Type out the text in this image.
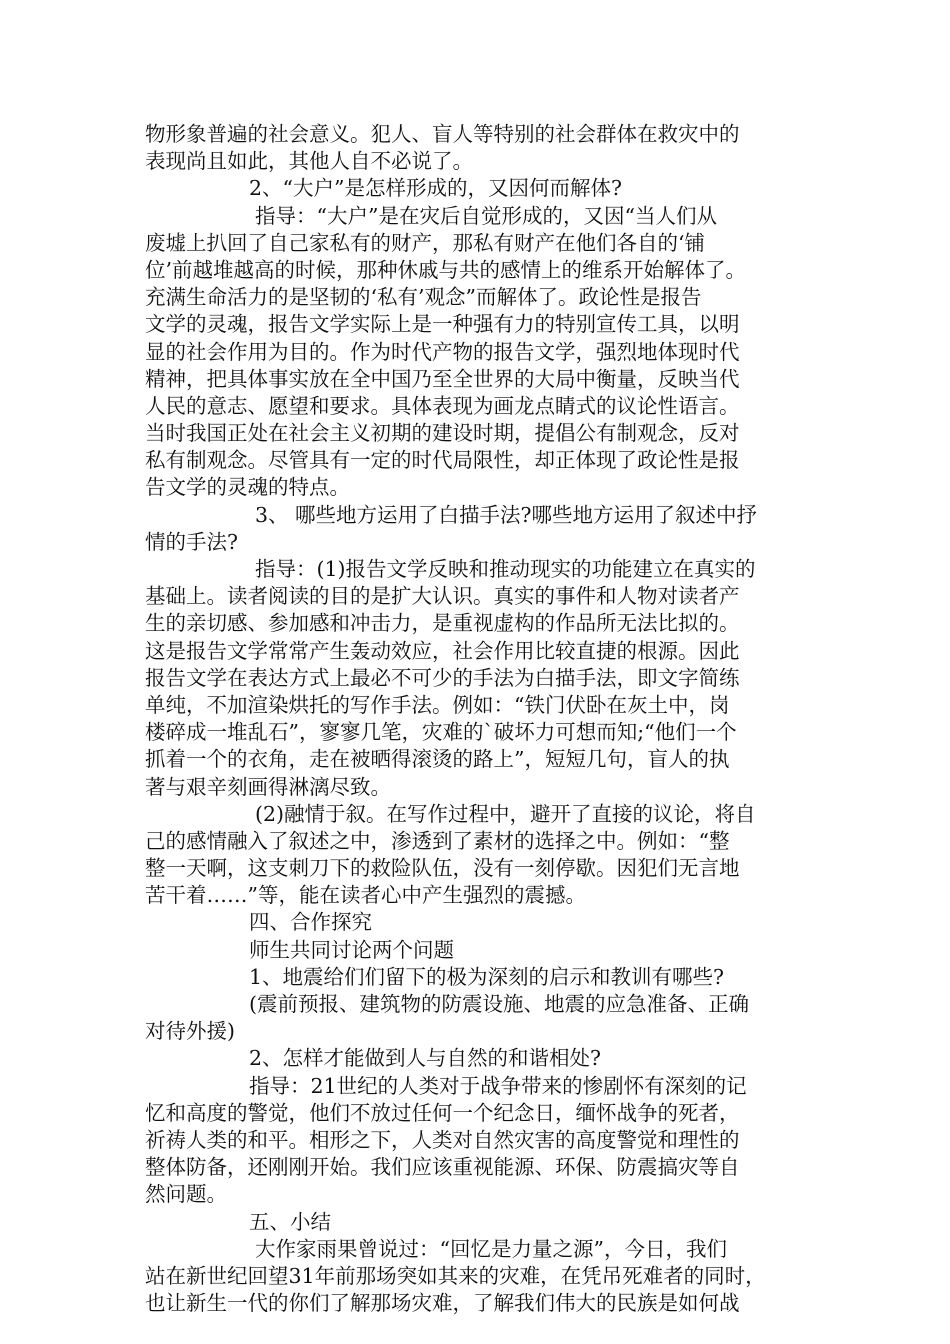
物形象普遍的社会意义。犯人、盲人等特别的社会群体在救灾中的
表现尚且如此，其他人自不必说了。
2、“大户”是怎样形成的，又因何而解体?
指导：“大户”是在灾后自觉形成的，又因“当人们从
废墟上扒回了自己家私有的财产，那私有财产在他们各自的‘铺
位’前越堆越高的时候，那种休戚与共的感情上的维系开始解体了。
充满生命活力的是坚韧的‘私有’观念”而解体了。政论性是报告
文学的灵魂，报告文学实际上是一种强有力的特别宣传工具，以明
显的社会作用为目的。作为时代产物的报告文学，强烈地体现时代
精神，把具体事实放在全中国乃至全世界的大局中衡量，反映当代
人民的意志、愿望和要求。具体表现为画龙点睛式的议论性语言。
当时我国正处在社会主义初期的建设时期，提倡公有制观念，反对
私有制观念。尽管具有一定的时代局限性，却正体现了政论性是报
告文学的灵魂的特点。
3、 哪些地方运用了白描手法?哪些地方运用了叙述中抒
情的手法?
指导：(1)报告文学反映和推动现实的功能建立在真实的
基础上。读者阅读的目的是扩大认识。真实的事件和人物对读者产
生的亲切感、参加感和冲击力，是重视虚构的作品所无法比拟的。
这是报告文学常常产生轰动效应，社会作用比较直捷的根源。因此
报告文学在表达方式上最必不可少的手法为白描手法，即文字简练
单纯，不加渲染烘托的写作手法。例如：“铁门伏卧在灰土中，岗
楼碎成一堆乱石”，寥寥几笔，灾难的`破坏力可想而知;“他们一个
抓着一个的衣角，走在被晒得滚烫的路上”，短短几句，盲人的执
著与艰辛刻画得淋漓尽致。
(2)融情于叙。在写作过程中，避开了直接的议论，将自
己的感情融入了叙述之中，渗透到了素材的选择之中。例如：“整
整一天啊，这支刺刀下的救险队伍，没有一刻停歇。因犯们无言地
苦干着……”等，能在读者心中产生强烈的震撼。
四、合作探究
师生共同讨论两个问题
1、地震给们们留下的极为深刻的启示和教训有哪些?
(震前预报、建筑物的防震设施、地震的应急准备、正确
对待外援)
2、怎样才能做到人与自然的和谐相处?
指导：21世纪的人类对于战争带来的惨剧怀有深刻的记
忆和高度的警觉，他们不放过任何一个纪念日，缅怀战争的死者，
祈祷人类的和平。相形之下，人类对自然灾害的高度警觉和理性的
整体防备，还刚刚开始。我们应该重视能源、环保、防震搞灾等自
然问题。
五、小结
大作家雨果曾说过：“回忆是力量之源”，今日，我们
站在新世纪回望31年前那场突如其来的灾难，在凭吊死难者的同时，
也让新生一代的你们了解那场灾难，了解我们伟大的民族是如何战
